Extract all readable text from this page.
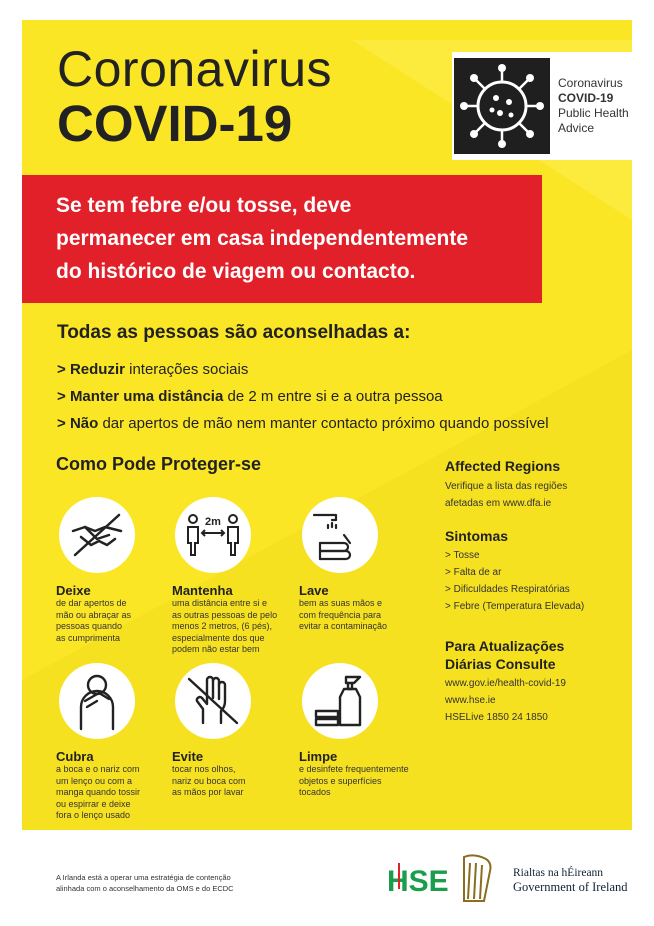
Coronavirus
COVID-19
Coronavirus
COVID-19
Public Health
Advice

Se tem febre e/ou tosse, deve

permanecer em casa independentemente

do histórico de viagem ou contacto.

Todas as pessoas são aconselhadas a:
> Reduzir interações sociais
> Manter uma distância de 2 m entre si e a outra pessoa
> Não dar apertos de mão nem manter contacto próximo quando possível
Como Pode Proteger-se
Deixe
de dar apertos de
mão ou abraçar as
pessoas quando
as cumprimenta
2m
Mantenha
uma distância entre si e
as outras pessoas de pelo
menos 2 metros, (6 pés),
especialmente dos que
podem não estar bem
Lave
bem as suas mãos e
com frequência para
evitar a contaminação
Cubra
a boca e o nariz com
um lenço ou com a
manga quando tossir
ou espirrar e deixe
fora o lenço usado
Evite
tocar nos olhos,
nariz ou boca com
as mãos por lavar
Limpe
e desinfete frequentemente
objetos e superfícies
tocados
Affected Regions
Verifique a lista das regiões
afetadas em www.dfa.ie
Sintomas
> Tosse
> Falta de ar
> Dificuldades Respiratórias
> Febre (Temperatura Elevada)
Para Atualizações
Diárias Consulte
www.gov.ie/health-covid-19
www.hse.ie
HSELive 1850 24 1850
A Irlanda está a operar uma estratégia de contenção
alinhada com o aconselhamento da OMS e do ECDC	HSE	Rialtas na hÉireann
Government of Ireland
